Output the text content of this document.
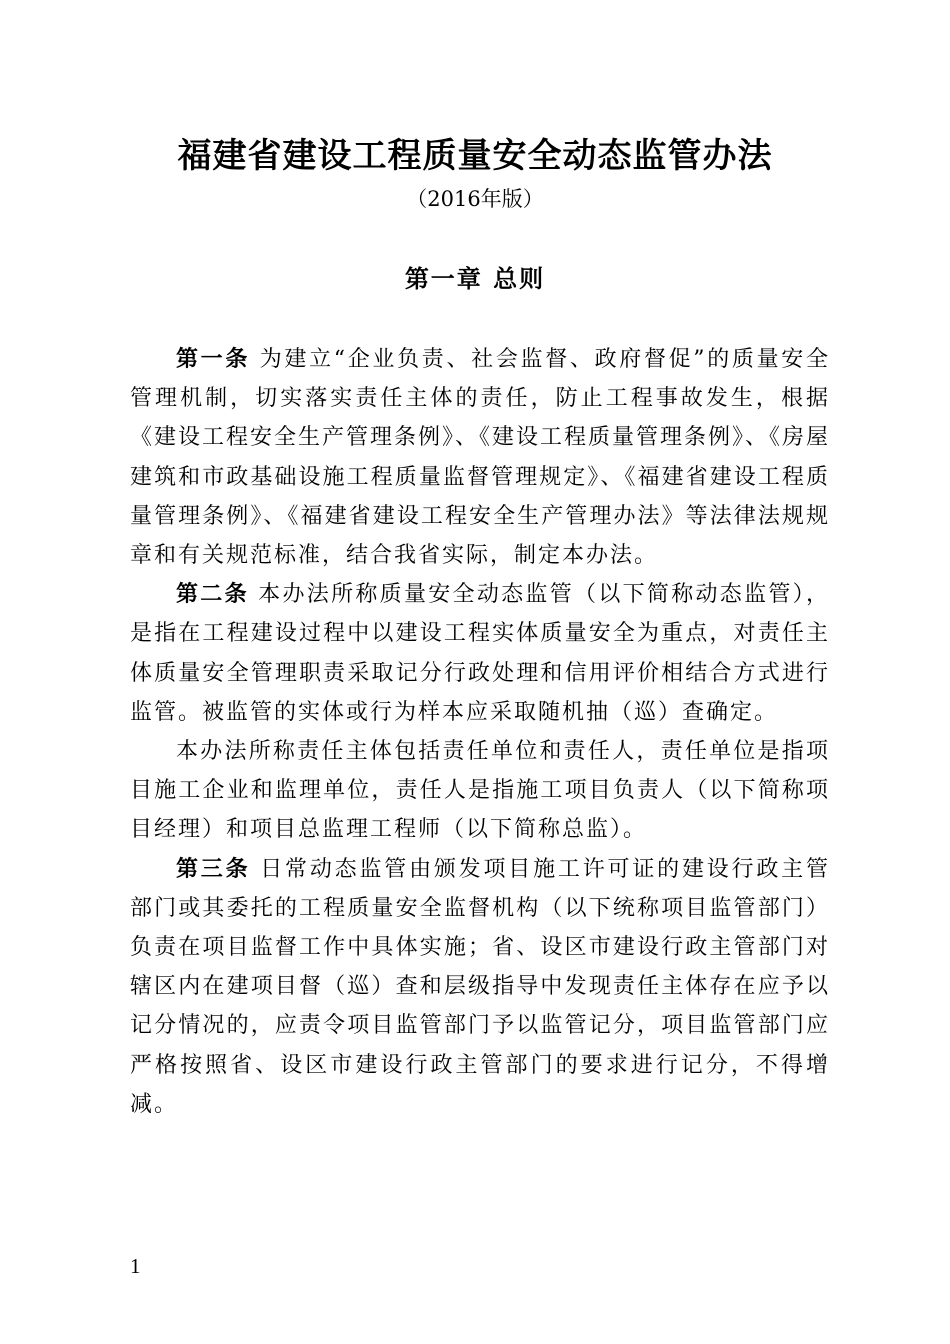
福建省建设工程质量安全动态监管办法
（2016年版）
第一章 总则

第一条 为建立“企业负责、社会监督、政府督促”的质量安全管理机制，切实落实责任主体的责任，防止工程事故发生，根据《建设工程安全生产管理条例》、《建设工程质量管理条例》、《房屋建筑和市政基础设施工程质量监督管理规定》、《福建省建设工程质量管理条例》、《福建省建设工程安全生产管理办法》等法律法规规章和有关规范标准，结合我省实际，制定本办法。

第二条 本办法所称质量安全动态监管（以下简称动态监管），是指在工程建设过程中以建设工程实体质量安全为重点，对责任主体质量安全管理职责采取记分行政处理和信用评价相结合方式进行监管。被监管的实体或行为样本应采取随机抽（巡）查确定。

本办法所称责任主体包括责任单位和责任人，责任单位是指项目施工企业和监理单位，责任人是指施工项目负责人（以下简称项目经理）和项目总监理工程师（以下简称总监）。

第三条 日常动态监管由颁发项目施工许可证的建设行政主管部门或其委托的工程质量安全监督机构（以下统称项目监管部门）负责在项目监督工作中具体实施；省、设区市建设行政主管部门对辖区内在建项目督（巡）查和层级指导中发现责任主体存在应予以记分情况的，应责令项目监管部门予以监管记分，项目监管部门应严格按照省、设区市建设行政主管部门的要求进行记分，不得增减。

1
